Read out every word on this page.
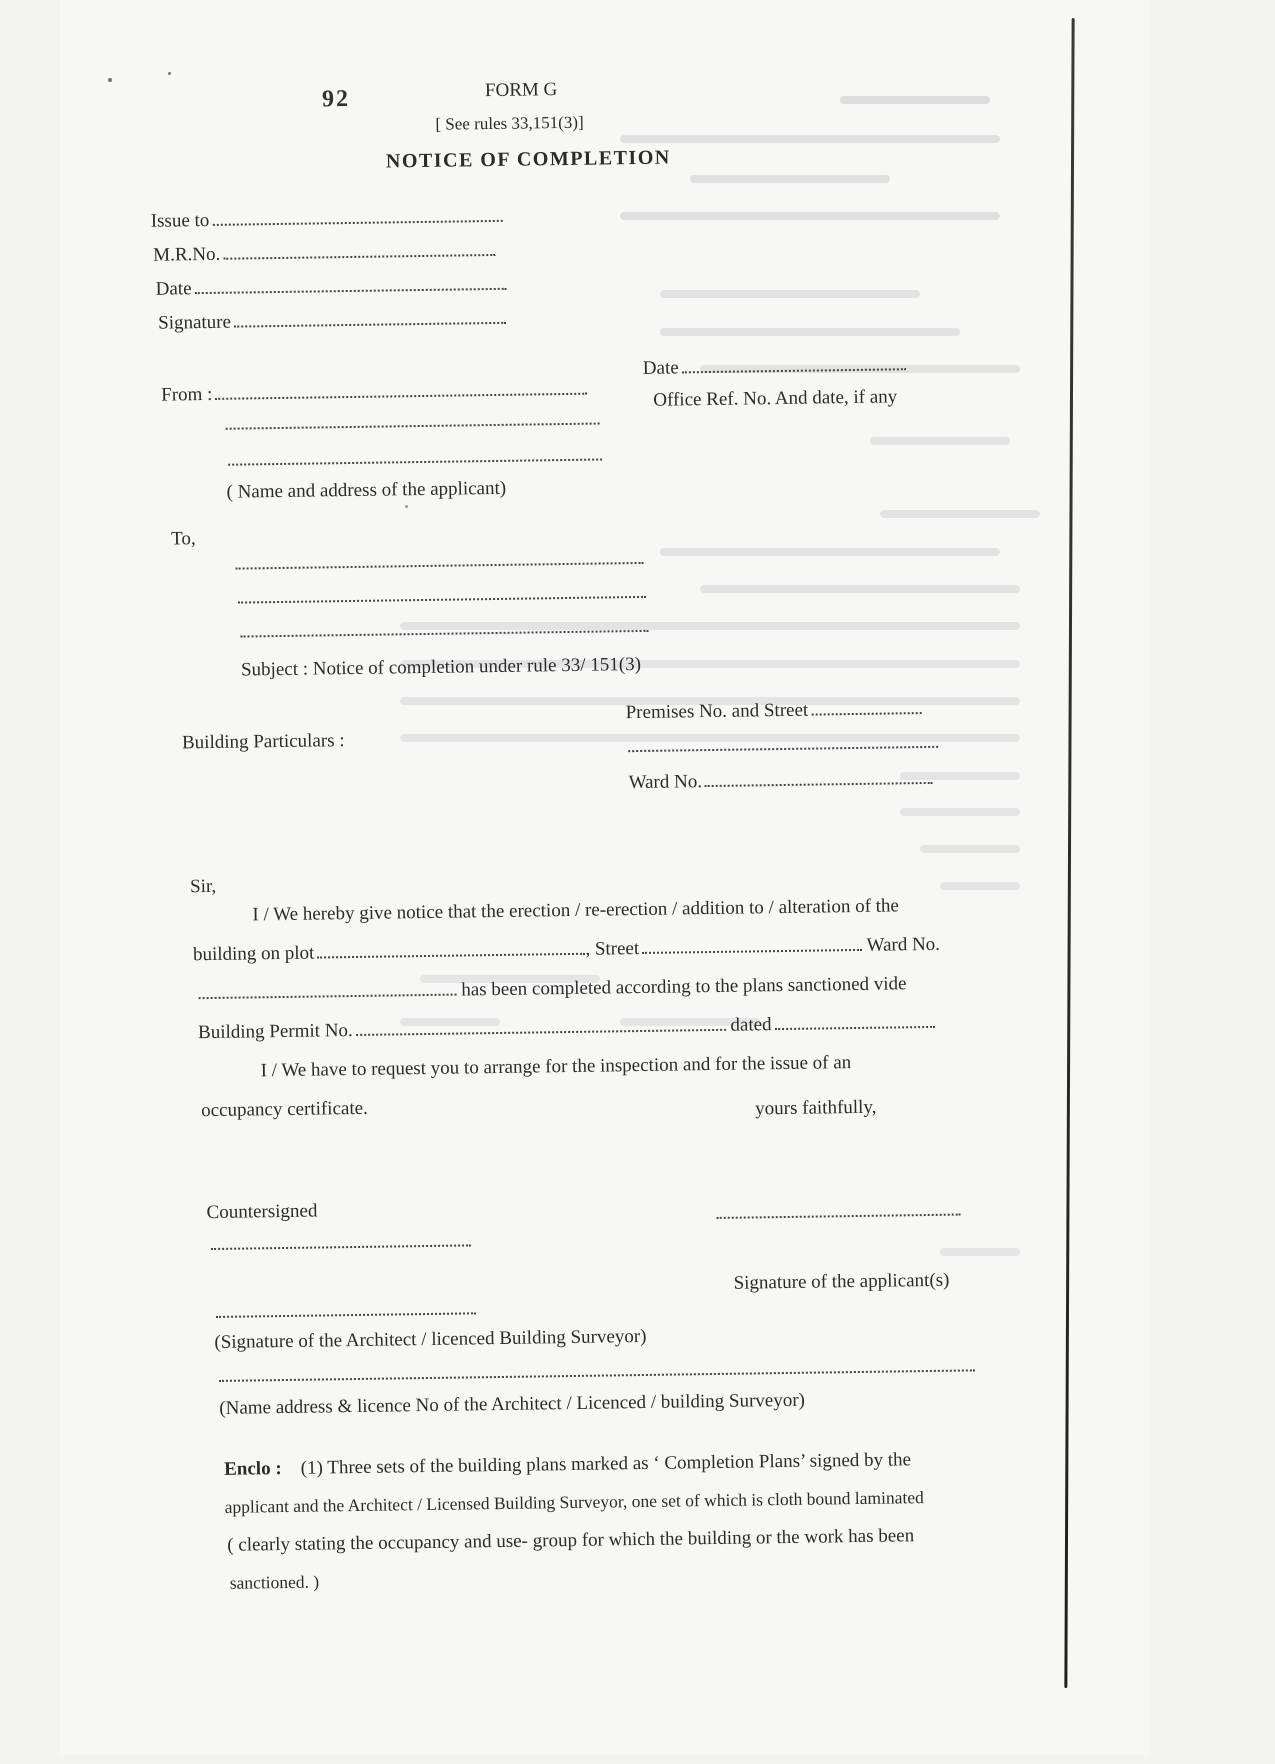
92	FORM G
[ See rules 33,151(3)]
NOTICE OF COMPLETION
Issue to
M.R.No.
Date
Signature
From :
( Name and address of the applicant)
Date
Office Ref. No. And date, if any
To,
Subject : Notice of completion under rule 33/ 151(3)
Building Particulars :
Premises No. and Street
Ward No.
Sir,
I / We hereby give notice that the erection / re-erection / addition to / alteration of the
building on plot	, Street	Ward No.
has been completed according to the plans sanctioned vide
Building Permit No.	dated
I / We have to request you to arrange for the inspection and for the issue of an
occupancy certificate.	yours faithfully,
Countersigned
Signature of the applicant(s)
(Signature of the Architect / licenced Building Surveyor)
(Name address & licence No of the Architect / Licenced / building Surveyor)
Enclo : (1) Three sets of the building plans marked as ‘ Completion Plans’ signed by the
applicant and the Architect / Licensed Building Surveyor, one set of which is cloth bound laminated
( clearly stating the occupancy and use- group for which the building or the work has been
sanctioned. )
